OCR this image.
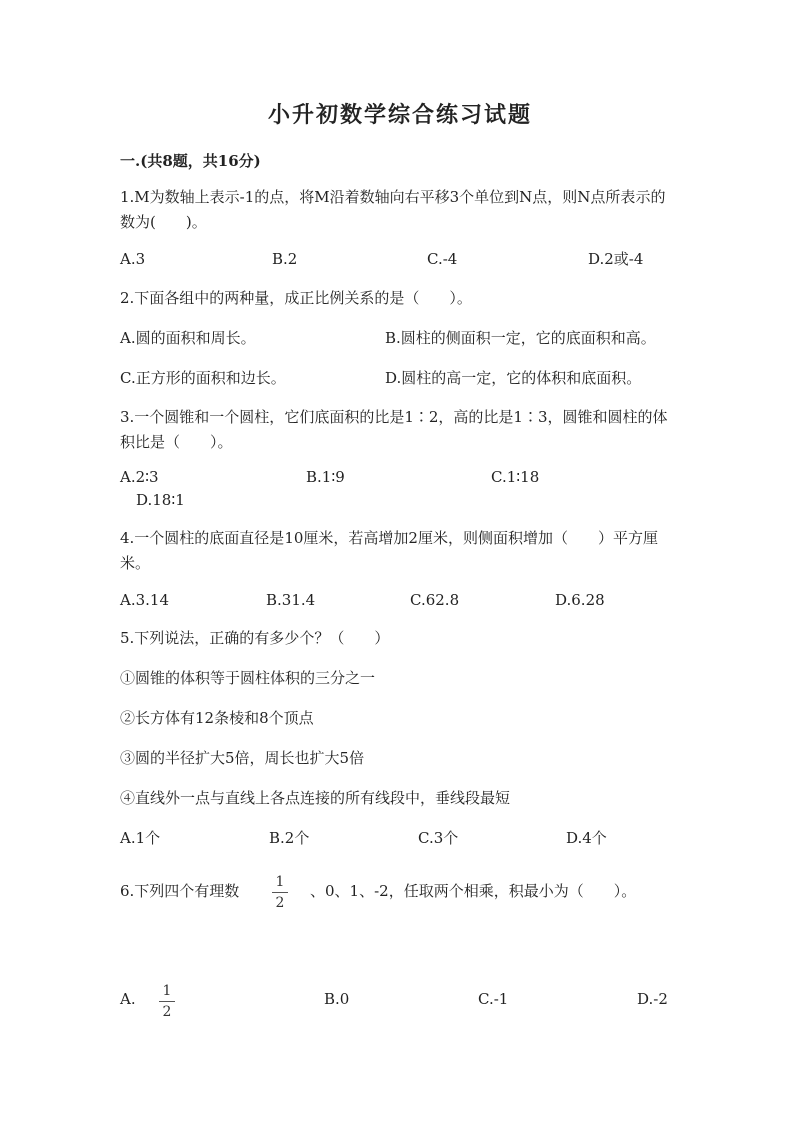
小升初数学综合练习试题
一.(共8题，共16分)
1.M为数轴上表示-1的点，将M沿着数轴向右平移3个单位到N点，则N点所表示的数为(　　)。
A.3	B.2	C.-4	D.2或-4
2.下面各组中的两种量，成正比例关系的是（　　）。
A.圆的面积和周长。	B.圆柱的侧面积一定，它的底面积和高。
C.正方形的面积和边长。	D.圆柱的高一定，它的体积和底面积。
3.一个圆锥和一个圆柱，它们底面积的比是1∶2，高的比是1∶3，圆锥和圆柱的体积比是（　　）。
A.2∶3	B.1∶9	C.1∶18
D.18∶1
4.一个圆柱的底面直径是10厘米，若高增加2厘米，则侧面积增加（　　）平方厘米。
A.3.14	B.31.4	C.62.8	D.6.28
5.下列说法，正确的有多少个？（　　）
①圆锥的体积等于圆柱体积的三分之一
②长方体有12条棱和8个顶点
③圆的半径扩大5倍，周长也扩大5倍
④直线外一点与直线上各点连接的所有线段中，垂线段最短
A.1个	B.2个	C.3个	D.4个
6.下列四个有理数	1
2
、0、1、-2，任取两个相乘，积最小为（　　）。
A. 1
2
B.0	C.-1	D.-2
